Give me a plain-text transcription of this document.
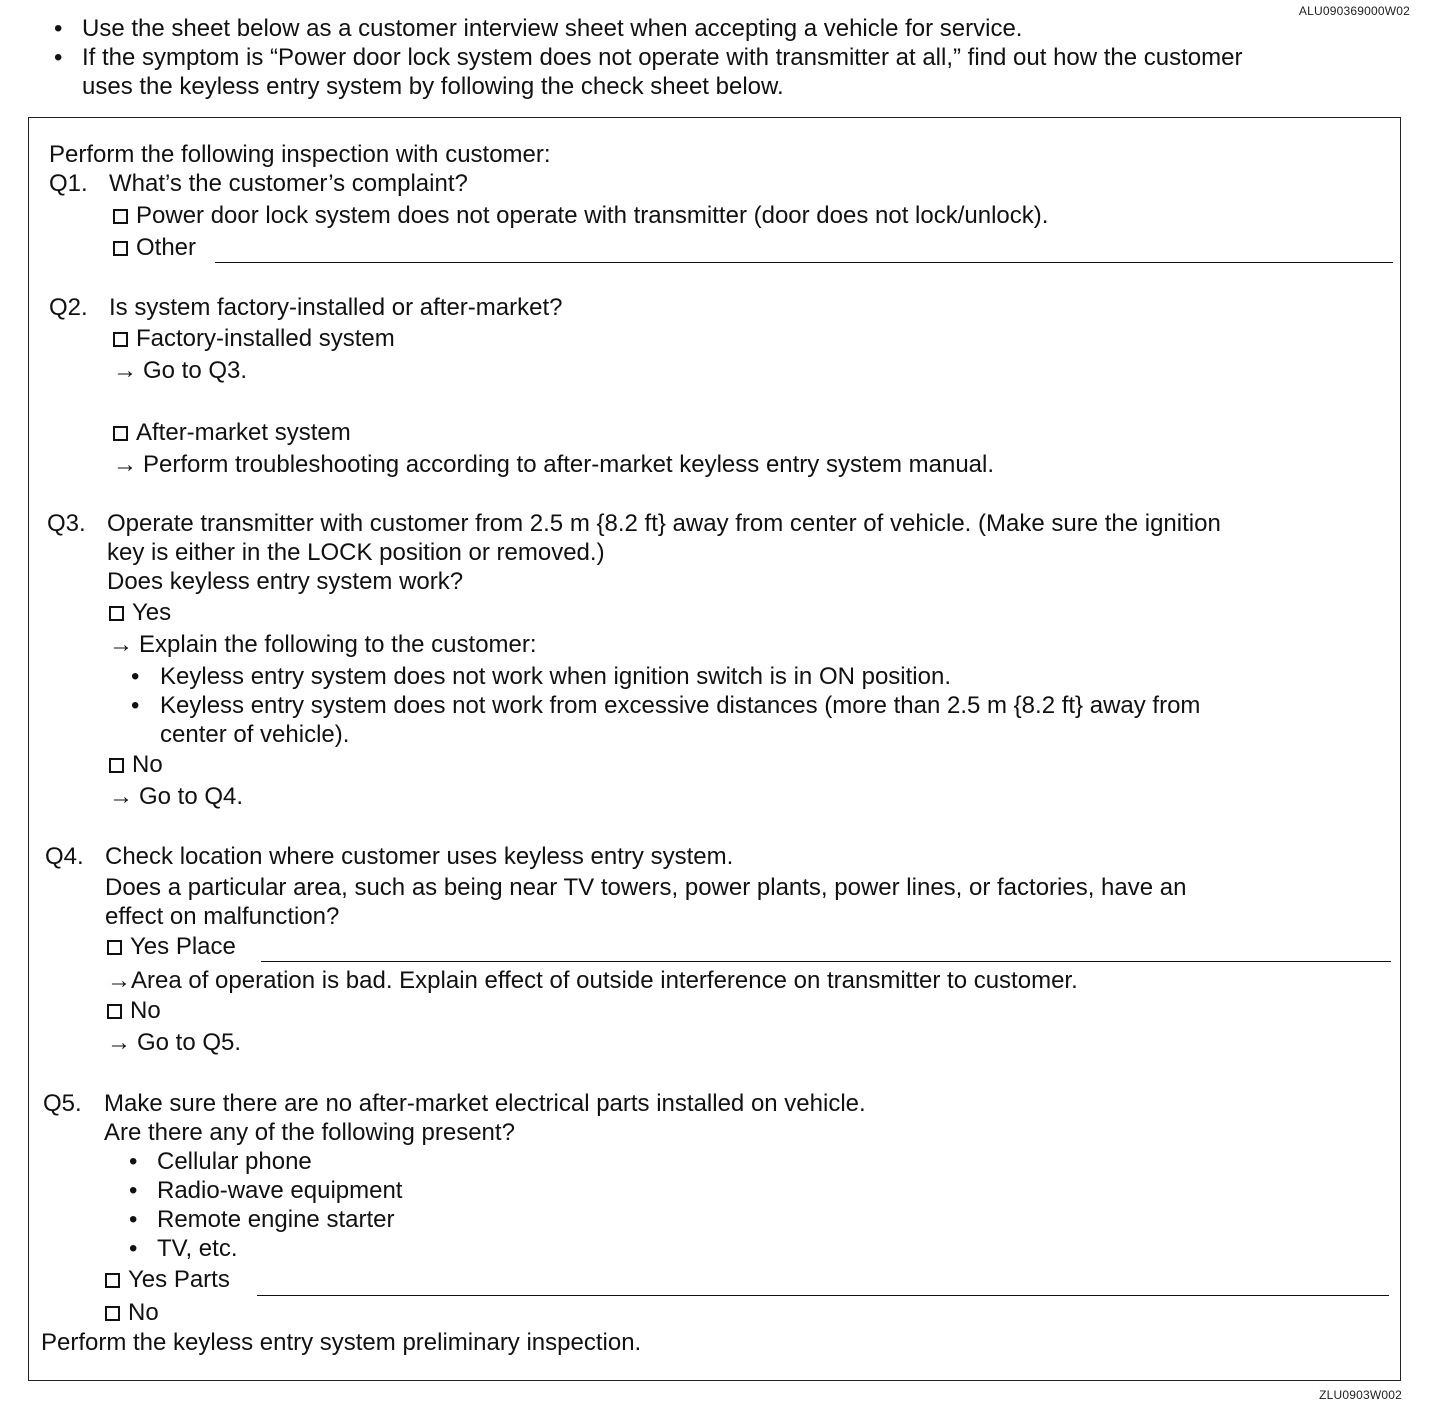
ALU090369000W02
• Use the sheet below as a customer interview sheet when accepting a vehicle for service.
• If the symptom is “Power door lock system does not operate with transmitter at all,” find out how the customer
uses the keyless entry system by following the check sheet below.
Perform the following inspection with customer:
Q1. What’s the customer’s complaint?
Power door lock system does not operate with transmitter (door does not lock/unlock).
Other
Q2. Is system factory-installed or after-market?
Factory-installed system
→ Go to Q3.
After-market system
→ Perform troubleshooting according to after-market keyless entry system manual.
Q3. Operate transmitter with customer from 2.5 m {8.2 ft} away from center of vehicle. (Make sure the ignition
key is either in the LOCK position or removed.)
Does keyless entry system work?
Yes
→ Explain the following to the customer:
• Keyless entry system does not work when ignition switch is in ON position.
• Keyless entry system does not work from excessive distances (more than 2.5 m {8.2 ft} away from
center of vehicle).
No
→ Go to Q4.
Q4. Check location where customer uses keyless entry system.
Does a particular area, such as being near TV towers, power plants, power lines, or factories, have an
effect on malfunction?
Yes Place
→Area of operation is bad. Explain effect of outside interference on transmitter to customer.
No
→ Go to Q5.
Q5. Make sure there are no after-market electrical parts installed on vehicle.
Are there any of the following present?
• Cellular phone
• Radio-wave equipment
• Remote engine starter
• TV, etc.
Yes Parts
No
Perform the keyless entry system preliminary inspection.
ZLU0903W002
